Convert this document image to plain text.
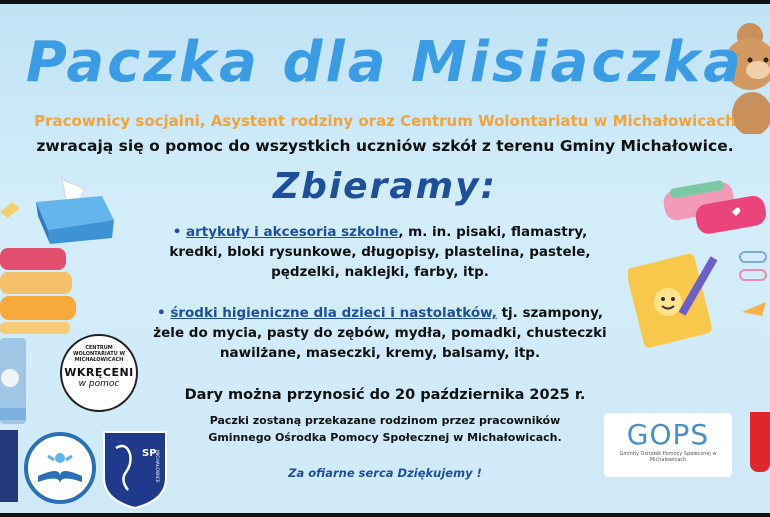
Paczka dla Misiaczka
Pracownicy socjalni, Asystent rodziny oraz Centrum Wolontariatu w Michałowicach
zwracają się o pomoc do wszystkich uczniów szkół z terenu Gminy Michałowice.
Zbieramy:
• artykuły i akcesoria szkolne, m. in. pisaki, flamastry, kredki, bloki rysunkowe, długopisy, plastelina, pastele, pędzelki, naklejki, farby, itp.
• środki higieniczne dla dzieci i nastolatków, tj. szampony, żele do mycia, pasty do zębów, mydła, pomadki, chusteczki nawilżane, maseczki, kremy, balsamy, itp.
Dary można przynosić do 20 października 2025 r.
Paczki zostaną przekazane rodzinom przez pracowników Gminnego Ośrodka Pomocy Społecznej w Michałowicach.
Za ofiarne serca Dziękujemy !
CENTRUM WOLONTARIATU W MICHAŁOWICACH
WKRĘCENI
w pomoc
SP
MICHAŁOWICE
GOPS
Gminny Ośrodek Pomocy Społecznej w Michałowicach
